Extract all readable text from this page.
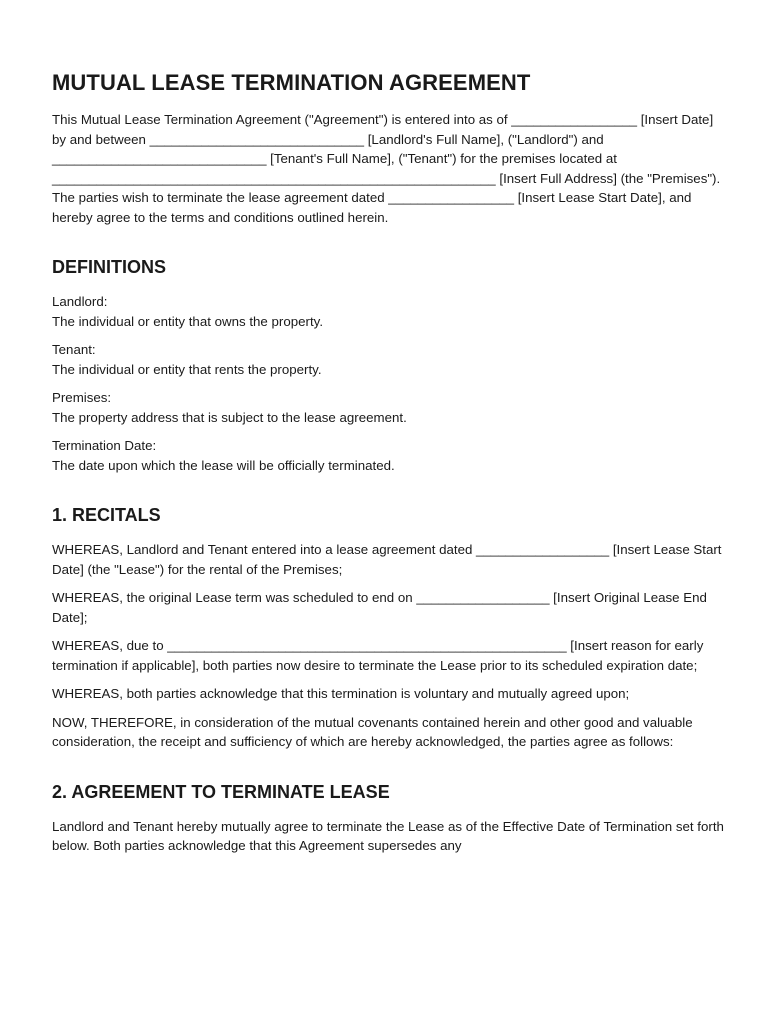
MUTUAL LEASE TERMINATION AGREEMENT

This Mutual Lease Termination Agreement ("Agreement") is entered into as of _________________ [Insert Date] by and between _____________________________ [Landlord's Full Name], ("Landlord") and _____________________________ [Tenant's Full Name], ("Tenant") for the premises located at ____________________________________________________________ [Insert Full Address] (the "Premises"). The parties wish to terminate the lease agreement dated _________________ [Insert Lease Start Date], and hereby agree to the terms and conditions outlined herein.

DEFINITIONS

Landlord:

The individual or entity that owns the property.

Tenant:

The individual or entity that rents the property.

Premises:

The property address that is subject to the lease agreement.

Termination Date:

The date upon which the lease will be officially terminated.

1. RECITALS

WHEREAS, Landlord and Tenant entered into a lease agreement dated __________________ [Insert Lease Start Date] (the "Lease") for the rental of the Premises;

WHEREAS, the original Lease term was scheduled to end on __________________ [Insert Original Lease End Date];

WHEREAS, due to ______________________________________________________ [Insert reason for early termination if applicable], both parties now desire to terminate the Lease prior to its scheduled expiration date;

WHEREAS, both parties acknowledge that this termination is voluntary and mutually agreed upon;

NOW, THEREFORE, in consideration of the mutual covenants contained herein and other good and valuable consideration, the receipt and sufficiency of which are hereby acknowledged, the parties agree as follows:

2. AGREEMENT TO TERMINATE LEASE

Landlord and Tenant hereby mutually agree to terminate the Lease as of the Effective Date of Termination set forth below. Both parties acknowledge that this Agreement supersedes any
